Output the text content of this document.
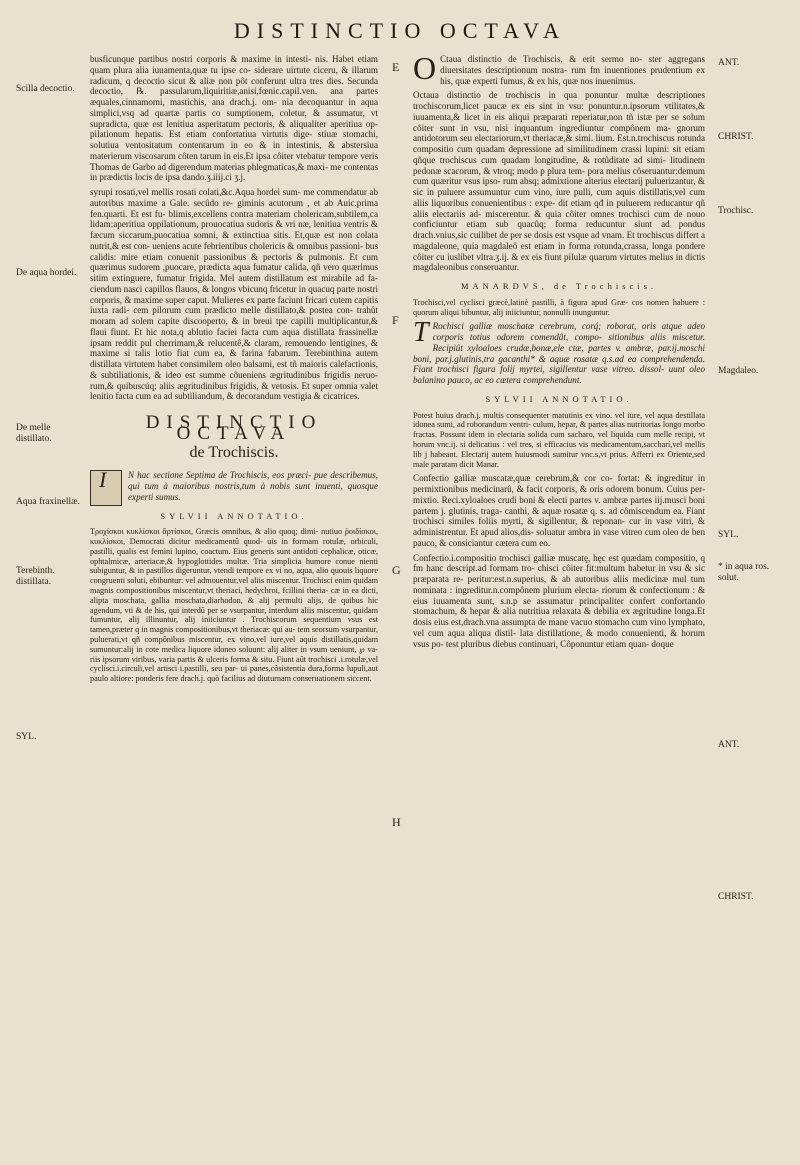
DISTINCTIO OCTAVA
Scilla decoctio.
De aqua hordei.
De melle distillato.
Aqua fraxinellæ.
Terebinth. distillata.
SYL.
E
F
G
H
ANT.
CHRIST.
Trochisc.
Magdaleo.
SYL.
* in aqua ros. solut.
ANT.
CHRIST.

busficunque partibus nostri corporis & maxime in intesti- nis. Habet etiam quam plura alia iuuamenta,quæ tu ipse co- siderare uirtute ciceru, & illarum radicum, q decoctio sicut & aliæ non pôt conferunt ultra tres dies. Secunda decoctio, ℞. passularum,liquiritiæ,anisi,fœnic.capil.ven. ana partes æquales,cinnamomi, mastichis, ana drach.j. om- nia decoquantur in aqua simplici,vsq ad quartæ partis co sumptionem, coletur, & assumatur, vt supradicta, quæ est lenitiua asperitatum pectoris, & aliqualiter aperitiua op- pilationum hepatis. Est etiam confortatiua virtutis dige- stiuæ stomachi, solutiua ventositatum contentarum in eo & in intestinis, & abstersiua materierum viscosarum côten tarum in eis.Et ipsa côiter vtebatur tempore veris Thomas de Garbo ad digerendum materias phlegmaticas,& maxi- me contentas in prædictis locis de ipsa dando.ʒ.iiij.ci ʒ.j.

syrupi rosati,vel mellis rosati colati,&c.Aqua hordei sum- me commendatur ab autoribus maxime a Gale. secûdo re- giminis acutorum , et ab Auic.prima fen.quarti. Et est fu- blimis,excellens contra materiam cholericam,subtilem,ca lidam:aperitiua oppilationum, prouocatiua sudoris & vri næ, lenitiua ventris & fæcum siccarum,puocatiua somni, & extinctiua sitis. Et,quæ est non colata nutrit,& est con- ueniens acute febrientibus cholericis & omnibus passioni- bus calidis: mire etiam conuenit passionibus & pectoris & pulmonis. Et cum quærimus sudorem ,puocare, prædicta aqua fumatur calida, qñ vero quærimus sitim extinguere, fumatur frigida. Mel autem distillatum est mirabile ad fa- ciendum nasci capillos flauos, & longos vbicunq fricetur in quacuq parte nostri corporis, & maxime super caput. Mulieres ex parte faciunt fricari cutem capitis iuxta radi- cem pilorum cum prædicto melle distillato,& postea con- trahût moram ad solem capite discooperto, & in breui tpe capilli multiplicantur,& flaui fiunt. Et hic nota,q ablutio faciei facta cum aqua distillata frassinellæ ipsam reddit pul cherrimam,& relucentê,& claram, remouendo lentigines, & maxime si talis lotio fiat cum ea, & farina fabarum. Terebinthina autem distillata virtutem habet consimilem oleo balsami, est tñ maioris calefactionis, & subtiliationis, & ideo est summe côueniens ægritudinibus frigidis neruo- rum,& quibuscúq; aliis ægritudinibus frigidis, & vetosis. Et super omnia valet lenitio facta cum ea ad subtiliandum, & decorandum vestigia & cicatrices.

DISTINCTIO OCTAVA
de Trochiscis.

I N hac sectione Septima de Trochiscis, eos præci- pue describemus, qui tum à maioribus nostris,tum à nobis sunt inuenti, quosque experti sumus.

SYLVII ANNOTATIO.

Τροχίσκοι κυκλίσκοι ἄρτίσκοι, Græcis omnibus, & alio quoq; dimi- nutiuo ῥοιδίσκοι, κυκλίσκοι, Democrati dicitur medicamentû quod- uis in formam rotulæ, orbiculi, pastilli, qualis est femini lupino, coactum. Eius generis sunt antidoti cephalicæ, oticæ, ophtalmicæ, arteriacæ,& hypoglottides multæ. Tria simplicia humore conue nienti subiguntur, & in pastillos digeruntur, vtendi tempore ex vi no, aqua, alio quouis liquore congruenti soluti, ebibuntur: vel admouentur,vel aliis miscentur. Trochisci enim quidam magnis compositionibus miscentur,vt theriaci, hedychroi, fcillini theria- cæ in ea dicti, alipta moschata, gallia moschata,diarhodon, & alij permulti alijs, de quibus hic agendum, vti & de his, qui interdû per se vsurpantur, interdum aliis miscentur, quidam fumuntur, alij illinuntur, alij iniiciuntur . Trochiscorum sequentium vsus est tamen,præter q in magnis compositionibus,vt theriacæ: qui au- tem seorsum vsurpantur, puluerati,vt qñ compônibus miscentur, ex vino,vel iure,vel aquis distillatis,quidam sumuntur:alij in cote medica liquore idoneo soluunt: alij aliter in vsum ueniunt, ℘ va- riis ipsorum viribus, varia partis & ulceris forma & situ. Fiunt aût trochisci .i.rotulæ,vel cyclisci.i.circuli,vel artisci i.pastilli, seu par- ui panes,côsistentia dura,forma lupuli,aut paulo altiore: ponderis fere drach.j. quò facilius ad diuturnam conseruationem siccent.

O Ctaua distinctio de Trochiscis, & erit sermo no- ster aggregans diuersitates descriptionum nostra- rum fm inuentiones prudentium ex his, quæ experti fumus, & ex his, quæ nos inuenimus.

Octaua distinctio de trochiscis in qua ponuntur multæ descriptiones trochiscorum,licet paucæ ex eis sint in vsu: ponuntur.n.ipsorum vtilitates,& iuuamenta,& licet in eis aliqui præparati reperiatur,non tñ istæ per se solum côiter sunt in vsu, nisi inquantum ingrediuntur compônem ma- gnorum antidotorum seu electariorum,vt theriacæ,& simi. lium. Est.n.trochiscus rotunda compositio cum quadam depressione ad similitudinem crassi lupini: sit etiam qñque trochiscus cum quadam longitudine, & rotûditate ad simi- litudinem pedonæ scacorum, & vtroq; modo p plura tem- pora melius côseruantur:demum cum quæritur vsus ipso- rum absq; admixtione alterius electarij puluerizantur, & sic in puluere assumuntur cum vino, iure pulli, cum aquis distillatis,vel cum aliis liquoribus conuenientibus : expe- dit etiam qđ in puluerem reducantur qñ aliis electariis ad- miscerentur. & quia côiter omnes trochisci cum de nouo conficiuntur etiam sub quacûq; forma reducuntur siunt ad pondus drach.vnius,sic cuilibet de per se dosis est vsque ad vnam. Et trochiscus differt a magdaleone, quia magdaleô est etiam in forma rotunda,crassa, longa pondere côiter cu iuslibet vltra.ʒ.ij. & ex eis fiunt pilulæ quarum virtutes melius in dictis magdaleonibus conseruantur.

MANARDVS, de Trochiscis.

Trochisci,vel cyclisci græcè,latinè pastilli, à figura apud Græ- cos nomen habuere : quorum aliqui bibuntur, alij iniiciuntur, nonnulli inunguntur.

T Rochisci galliæ moschatæ cerebrum, corq́; roborat, oris atque adeo corporis totius odorem comendât, compo- sitionibus aliis miscetur. Recipiût xyloaloes crudæ,bonæ,ele ctæ, partes v. ambræ, par.ij.moschi boni, par.j.glutinis,tra gacanthi* & aquæ rosatæ q.s.ad ea comprehendenda. Fiant trochisci figura folij myrtei, sigillentur vase vitreo. dissol- uunt oleo balanino pauco, ac eo cætera comprehendunt.

SYLVII ANNOTATIO.

Potest huius drach.j. multis consequenter matutinis ex vino. vel iure, vel aqua destillata idonea sumi, ad roborandum ventri- culum, hepar, & partes alias nutritorias longo morbo fractas. Possunt idem in electaria solida cum sacharo, vel liquida cum melle recipi, vt horum vnc.ij. si delicatius : vel tres, si efficacius vis medicamentum,saccharí,vel mellis lib j habeant. Electarij autem huiusmodi sumitur vnc.s,vt prius. Afferri ex Oriente,sed male paratam dicit Manar.

Confectio galliæ muscatæ,quæ cerebrum,& cor co- fortat: & ingreditur in permixtionibus medicinarû, & facit corporis, & oris odorem bonum. Cuius per- mixtio. Reci.xyloaloes crudi boni & electi partes v. ambræ partes iij.musci boni partem j. glutinis, traga- canthi, & aquæ rosatæ q. s. ad cômiscendum ea. Fiant trochisci similes foliis myrti, & sigillentur, & reponan- cur in vase vitri, & administrentur. Et apud alios,dis- soluatur ambra in vase vitreo cum oleo de ben pauco, & consiciantur cætera cum eo.

Confectio.i.compositio trochisci galliæ muscatę, hęc est quædam compositio, q fm hanc descript.ad formam tro- chisci côiter fit:multum habetur in vsu & sic præparata re- peritur:est.n.superius, & ab autoribus aliis medicinæ mul tum nominata : ingreditur.n.compônem plurium electa- riorum & confectionum : & eius iuuamenta sunt, s.n.p se assumatur principaliter confert confortando stomachum, & hepar & alia nutritiua relaxata & debilia ex ægritudine longa.Et dosis eius est,drach.vna assumpta de mane vacuo stomacho cum vino lymphato, vel cum aqua aliqua distil- lata distillatione, & modo conuenienti, & horum vsus po- test pluribus diebus continuari, Côponuntur etiam quan- doque
